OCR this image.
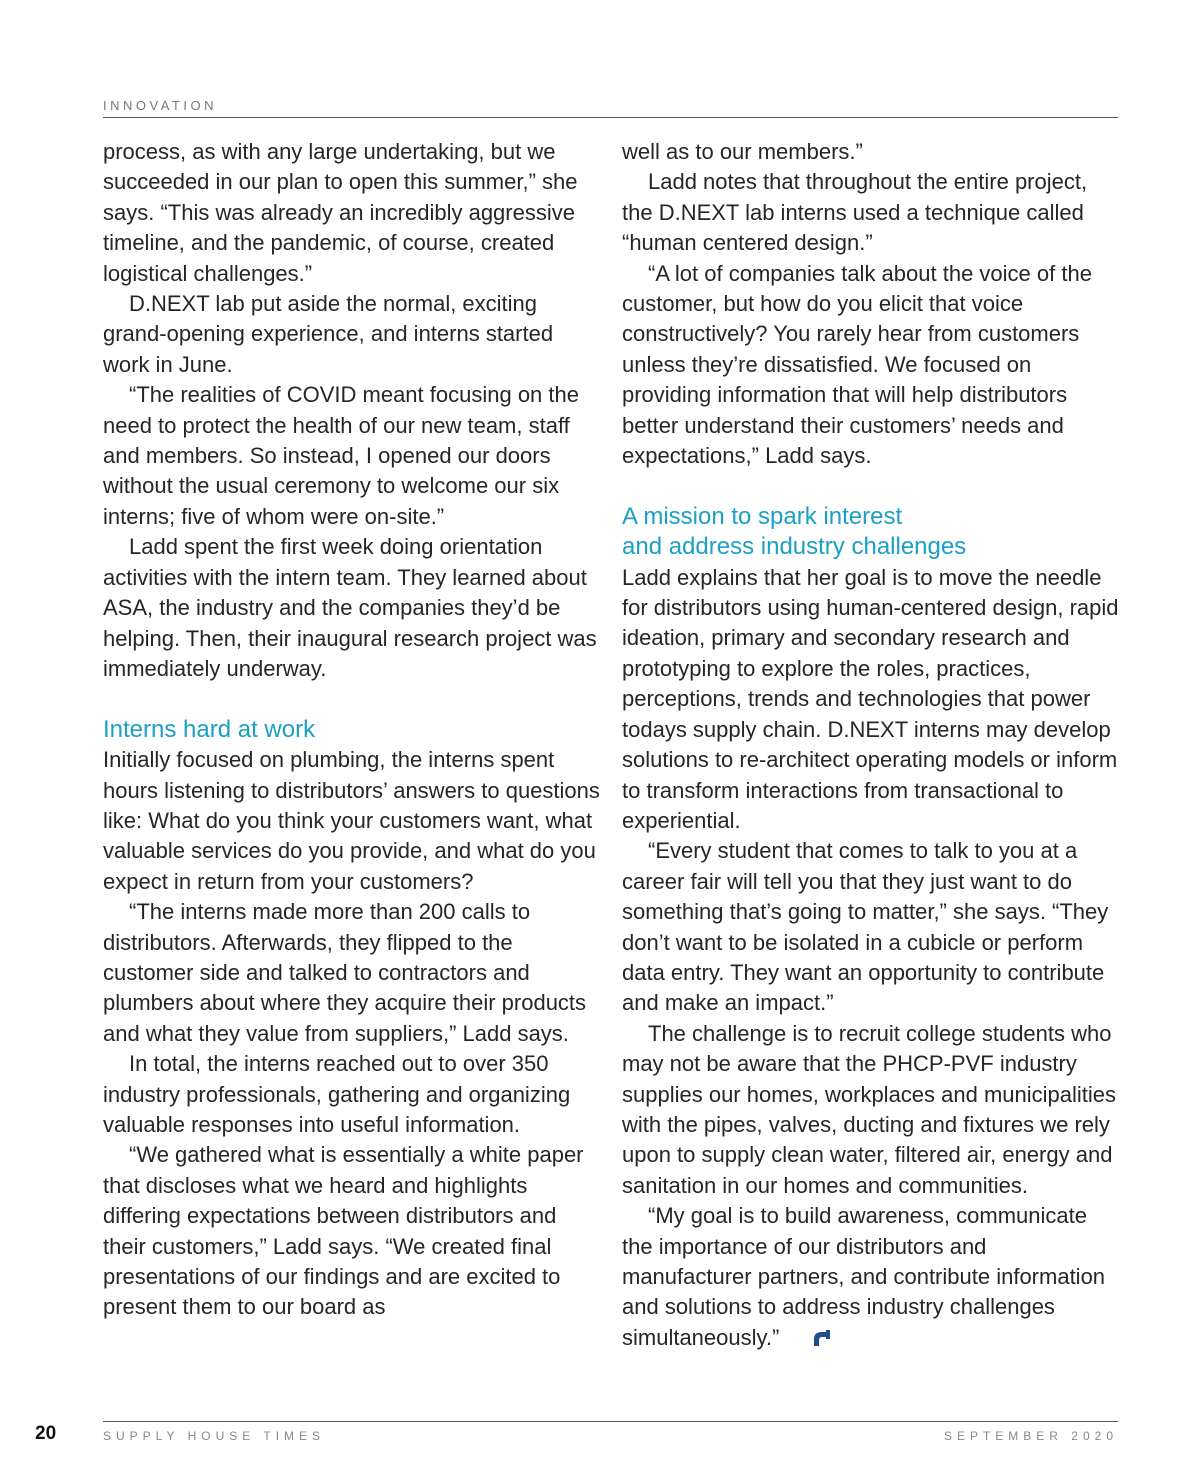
INNOVATION

process, as with any large undertaking, but we succeeded in our plan to open this summer,” she says. “This was already an incredibly aggressive timeline, and the pandemic, of course, created logistical challenges.”

D.NEXT lab put aside the normal, exciting grand-opening experience, and interns started work in June.

“The realities of COVID meant focusing on the need to protect the health of our new team, staff and members. So instead, I opened our doors without the usual ceremony to welcome our six interns; five of whom were on-site.”

Ladd spent the first week doing orientation activities with the intern team. They learned about ASA, the industry and the companies they’d be helping. Then, their inaugural research project was immediately underway.

Interns hard at work

Initially focused on plumbing, the interns spent hours listening to distributors’ answers to questions like: What do you think your customers want, what valuable services do you provide, and what do you expect in return from your customers?

“The interns made more than 200 calls to distributors. Afterwards, they flipped to the customer side and talked to contractors and plumbers about where they acquire their products and what they value from suppliers,” Ladd says.

In total, the interns reached out to over 350 industry professionals, gathering and organizing valuable responses into useful information.

“We gathered what is essentially a white paper that discloses what we heard and highlights differing expectations between distributors and their customers,” Ladd says. “We created final presentations of our findings and are excited to present them to our board as

well as to our members.”

Ladd notes that throughout the entire project, the D.NEXT lab interns used a technique called “human centered design.”

“A lot of companies talk about the voice of the customer, but how do you elicit that voice constructively? You rarely hear from customers unless they’re dissatisfied. We focused on providing information that will help distributors better understand their customers’ needs and expectations,” Ladd says.

A mission to spark interest
and address industry challenges

Ladd explains that her goal is to move the needle for distributors using human-centered design, rapid ideation, primary and secondary research and prototyping to explore the roles, practices, perceptions, trends and technologies that power todays supply chain. D.NEXT interns may develop solutions to re-architect operating models or inform to transform interactions from transactional to experiential.

“Every student that comes to talk to you at a career fair will tell you that they just want to do something that’s going to matter,” she says. “They don’t want to be isolated in a cubicle or perform data entry. They want an opportunity to contribute and make an impact.”

The challenge is to recruit college students who may not be aware that the PHCP-PVF industry supplies our homes, workplaces and municipalities with the pipes, valves, ducting and fixtures we rely upon to supply clean water, filtered air, energy and sanitation in our homes and communities.

“My goal is to build awareness, communicate the importance of our distributors and manufacturer partners, and contribute information and solutions to address industry challenges simultaneously.”

20	SUPPLY HOUSE TIMES	SEPTEMBER 2020
